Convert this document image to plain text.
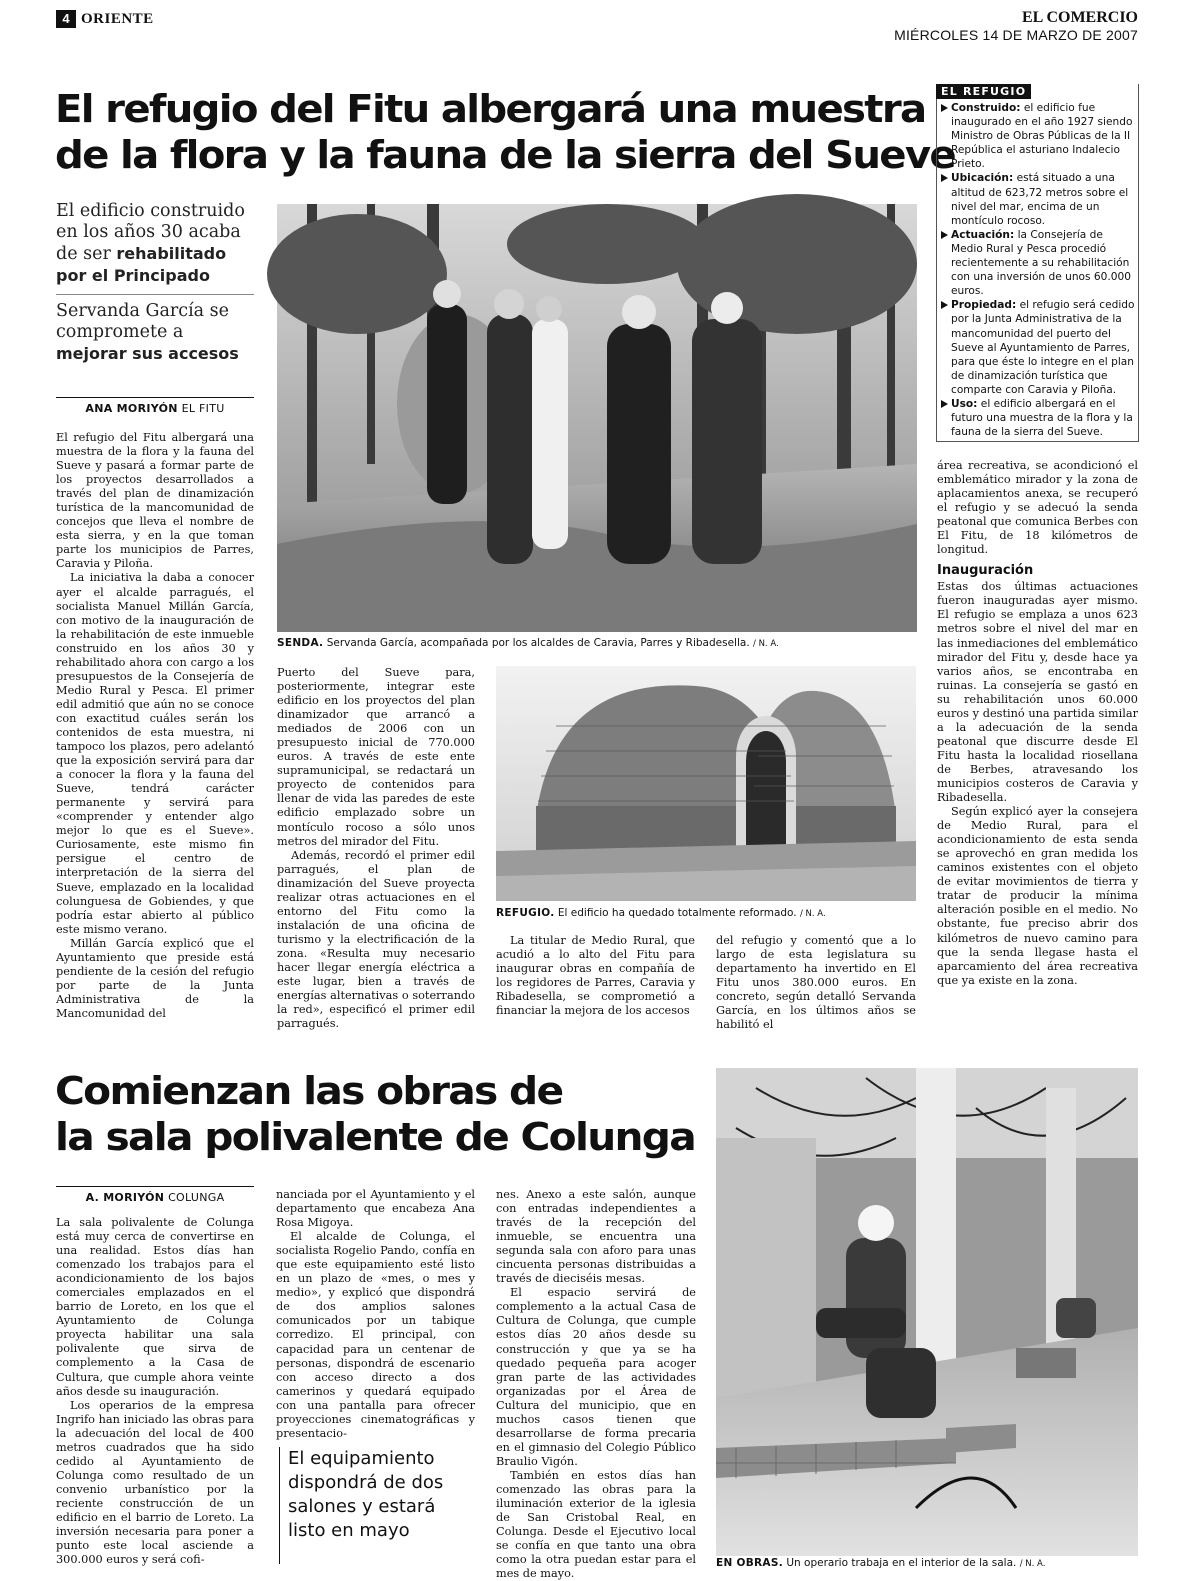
4 ORIENTE	EL COMERCIO
MIÉRCOLES 14 DE MARZO DE 2007
El refugio del Fitu albergará una muestra
de la flora y la fauna de la sierra del Sueve
El edificio construido
en los años 30 acaba
de ser rehabilitado
por el Principado
Servanda García se
compromete a
mejorar sus accesos
ANA MORIYÓN EL FITU

El refugio del Fitu albergará una muestra de la flora y la fauna del Sueve y pasará a formar parte de los proyectos desarrollados a través del plan de dinamización turística de la mancomunidad de concejos que lleva el nombre de esta sierra, y en la que toman parte los municipios de Parres, Caravia y Piloña.

La iniciativa la daba a conocer ayer el alcalde parragués, el socialista Manuel Millán García, con motivo de la inauguración de la rehabilitación de este inmueble construido en los años 30 y rehabilitado ahora con cargo a los presupuestos de la Consejería de Medio Rural y Pesca. El primer edil admitió que aún no se conoce con exactitud cuáles serán los contenidos de esta muestra, ni tampoco los plazos, pero adelantó que la exposición servirá para dar a conocer la flora y la fauna del Sueve, tendrá carácter permanente y servirá para «comprender y entender algo mejor lo que es el Sueve». Curiosamente, este mismo fin persigue el centro de interpretación de la sierra del Sueve, emplazado en la localidad colunguesa de Gobiendes, y que podría estar abierto al público este mismo verano.

Millán García explicó que el Ayuntamiento que preside está pendiente de la cesión del refugio por parte de la Junta Administrativa de la Mancomunidad del

SENDA. Servanda García, acompañada por los alcaldes de Caravia, Parres y Ribadesella. / N. A.

Puerto del Sueve para, posteriormente, integrar este edificio en los proyectos del plan dinamizador que arrancó a mediados de 2006 con un presupuesto inicial de 770.000 euros. A través de este ente supramunicipal, se redactará un proyecto de contenidos para llenar de vida las paredes de este edificio emplazado sobre un montículo rocoso a sólo unos metros del mirador del Fitu.

Además, recordó el primer edil parragués, el plan de dinamización del Sueve proyecta realizar otras actuaciones en el entorno del Fitu como la instalación de una oficina de turismo y la electrificación de la zona. «Resulta muy necesario hacer llegar energía eléctrica a este lugar, bien a través de energías alternativas o soterrando la red», especificó el primer edil parragués.

REFUGIO. El edificio ha quedado totalmente reformado. / N. A.

La titular de Medio Rural, que acudió a lo alto del Fitu para inaugurar obras en compañía de los regidores de Parres, Caravia y Ribadesella, se comprometió a financiar la mejora de los accesos

del refugio y comentó que a lo largo de esta legislatura su departamento ha invertido en El Fitu unos 380.000 euros. En concreto, según detalló Servanda García, en los últimos años se habilitó el

EL REFUGIO
Construido: el edificio fue inaugurado en el año 1927 siendo Ministro de Obras Públicas de la II República el asturiano Indalecio Prieto.
Ubicación: está situado a una altitud de 623,72 metros sobre el nivel del mar, encima de un montículo rocoso.
Actuación: la Consejería de Medio Rural y Pesca procedió recientemente a su rehabilitación con una inversión de unos 60.000 euros.
Propiedad: el refugio será cedido por la Junta Administrativa de la mancomunidad del puerto del Sueve al Ayuntamiento de Parres, para que éste lo integre en el plan de dinamización turística que comparte con Caravia y Piloña.
Uso: el edificio albergará en el futuro una muestra de la flora y la fauna de la sierra del Sueve.

área recreativa, se acondicionó el emblemático mirador y la zona de aplacamientos anexa, se recuperó el refugio y se adecuó la senda peatonal que comunica Berbes con El Fitu, de 18 kilómetros de longitud.

Inauguración

Estas dos últimas actuaciones fueron inauguradas ayer mismo. El refugio se emplaza a unos 623 metros sobre el nivel del mar en las inmediaciones del emblemático mirador del Fitu y, desde hace ya varios años, se encontraba en ruinas. La consejería se gastó en su rehabilitación unos 60.000 euros y destinó una partida similar a la adecuación de la senda peatonal que discurre desde El Fitu hasta la localidad riosellana de Berbes, atravesando los municipios costeros de Caravia y Ribadesella.

Según explicó ayer la consejera de Medio Rural, para el acondicionamiento de esta senda se aprovechó en gran medida los caminos existentes con el objeto de evitar movimientos de tierra y tratar de producir la mínima alteración posible en el medio. No obstante, fue preciso abrir dos kilómetros de nuevo camino para que la senda llegase hasta el aparcamiento del área recreativa que ya existe en la zona.

Comienzan las obras de
la sala polivalente de Colunga
A. MORIYÓN COLUNGA

La sala polivalente de Colunga está muy cerca de convertirse en una realidad. Estos días han comenzado los trabajos para el acondicionamiento de los bajos comerciales emplazados en el barrio de Loreto, en los que el Ayuntamiento de Colunga proyecta habilitar una sala polivalente que sirva de complemento a la Casa de Cultura, que cumple ahora veinte años desde su inauguración.

Los operarios de la empresa Ingrifo han iniciado las obras para la adecuación del local de 400 metros cuadrados que ha sido cedido al Ayuntamiento de Colunga como resultado de un convenio urbanístico por la reciente construcción de un edificio en el barrio de Loreto. La inversión necesaria para poner a punto este local asciende a 300.000 euros y será cofi-

nanciada por el Ayuntamiento y el departamento que encabeza Ana Rosa Migoya.

El alcalde de Colunga, el socialista Rogelio Pando, confía en que este equipamiento esté listo en un plazo de «mes, o mes y medio», y explicó que dispondrá de dos amplios salones comunicados por un tabique corredizo. El principal, con capacidad para un centenar de personas, dispondrá de escenario con acceso directo a dos camerinos y quedará equipado con una pantalla para ofrecer proyecciones cinematográficas y presentacio-

El equipamiento
dispondrá de dos
salones y estará
listo en mayo

nes. Anexo a este salón, aunque con entradas independientes a través de la recepción del inmueble, se encuentra una segunda sala con aforo para unas cincuenta personas distribuidas a través de dieciséis mesas.

El espacio servirá de complemento a la actual Casa de Cultura de Colunga, que cumple estos días 20 años desde su construcción y que ya se ha quedado pequeña para acoger gran parte de las actividades organizadas por el Área de Cultura del municipio, que en muchos casos tienen que desarrollarse de forma precaria en el gimnasio del Colegio Público Braulio Vigón.

También en estos días han comenzado las obras para la iluminación exterior de la iglesia de San Cristobal Real, en Colunga. Desde el Ejecutivo local se confía en que tanto una obra como la otra puedan estar para el mes de mayo.

EN OBRAS. Un operario trabaja en el interior de la sala. / N. A.
